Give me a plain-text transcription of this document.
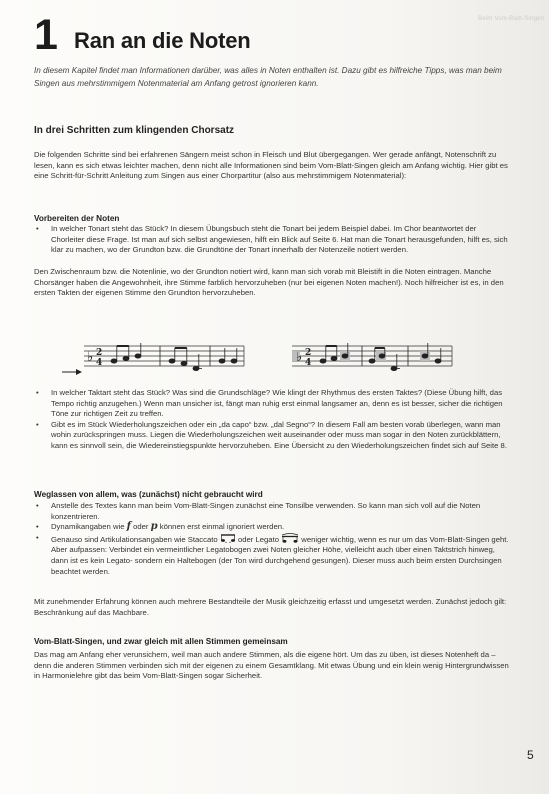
Beim Vom-Blatt-Singen
1 Ran an die Noten

In diesem Kapitel findet man Informationen darüber, was alles in Noten enthalten ist. Dazu gibt es hilfreiche Tipps, was man beim Singen aus mehrstimmigem Notenmaterial am Anfang getrost ignorieren kann.

In drei Schritten zum klingenden Chorsatz

Die folgenden Schritte sind bei erfahrenen Sängern meist schon in Fleisch und Blut übergegangen. Wer gerade anfängt, Notenschrift zu lesen, kann es sich etwas leichter machen, denn nicht alle Informationen sind beim Vom-Blatt-Singen gleich am Anfang wichtig. Hier gibt es eine Schritt-für-Schritt Anleitung zum Singen aus einer Chorpartitur (also aus mehrstimmigem Notenmaterial):

Vorbereiten der Noten
• In welcher Tonart steht das Stück? In diesem Übungsbuch steht die Tonart bei jedem Beispiel dabei. Im Chor beantwortet der Chorleiter diese Frage. Ist man auf sich selbst angewiesen, hilft ein Blick auf Seite 6. Hat man die Tonart herausgefunden, hilft es, sich klar zu machen, wo der Grundton bzw. die Grundtöne der Tonart innerhalb der Notenzeile notiert werden.

Den Zwischenraum bzw. die Notenlinie, wo der Grundton notiert wird, kann man sich vorab mit Bleistift in die Noten eintragen. Manche Chorsänger haben die Angewohnheit, ihre Stimme farblich hervorzuheben (nur bei eigenen Noten machen!). Noch hilfreicher ist es, in den ersten Takten der eigenen Stimme den Grundton hervorzuheben.

♭ 2
4	♭ 2
4
• In welcher Taktart steht das Stück? Was sind die Grundschläge? Wie klingt der Rhythmus des ersten Taktes? (Diese Übung hilft, das Tempo richtig anzugehen.) Wenn man unsicher ist, fängt man ruhig erst einmal langsamer an, denn es ist besser, sicher die richtigen Töne zur richtigen Zeit zu treffen.
• Gibt es im Stück Wiederholungszeichen oder ein „da capo“ bzw. „dal Segno“? In diesem Fall am besten vorab überlegen, wann man wohin zurückspringen muss. Liegen die Wiederholungszeichen weit auseinander oder muss man sogar in den Noten zurückblättern, kann es sinnvoll sein, die Wiedereinstiegspunkte hervorzuheben. Eine Übersicht zu den Wiederholungszeichen findet sich auf Seite 8.
Weglassen von allem, was (zunächst) nicht gebraucht wird
• Anstelle des Textes kann man beim Vom-Blatt-Singen zunächst eine Tonsilbe verwenden. So kann man sich voll auf die Noten konzentrieren.
• Dynamikangaben wie f oder p können erst einmal ignoriert werden.
• Genauso sind Artikulationsangaben wie Staccato	oder Legato	weniger wichtig, wenn es nur um das Vom-Blatt-Singen geht. Aber aufpassen: Verbindet ein vermeintlicher Legatobogen zwei Noten gleicher Höhe, vielleicht auch über einen Taktstrich hinweg, dann ist es kein Legato- sondern ein Haltebogen (der Ton wird durchgehend gesungen). Dieser muss auch beim ersten Durchsingen beachtet werden.

Mit zunehmender Erfahrung können auch mehrere Bestandteile der Musik gleichzeitig erfasst und umgesetzt werden. Zunächst jedoch gilt: Beschränkung auf das Machbare.

Vom-Blatt-Singen, und zwar gleich mit allen Stimmen gemeinsam

Das mag am Anfang eher verunsichern, weil man auch andere Stimmen, als die eigene hört. Um das zu üben, ist dieses Notenheft da – denn die anderen Stimmen verbinden sich mit der eigenen zu einem Gesamtklang. Mit etwas Übung und ein klein wenig Hintergrundwissen in Harmonielehre gibt das beim Vom-Blatt-Singen sogar Sicherheit.

5
